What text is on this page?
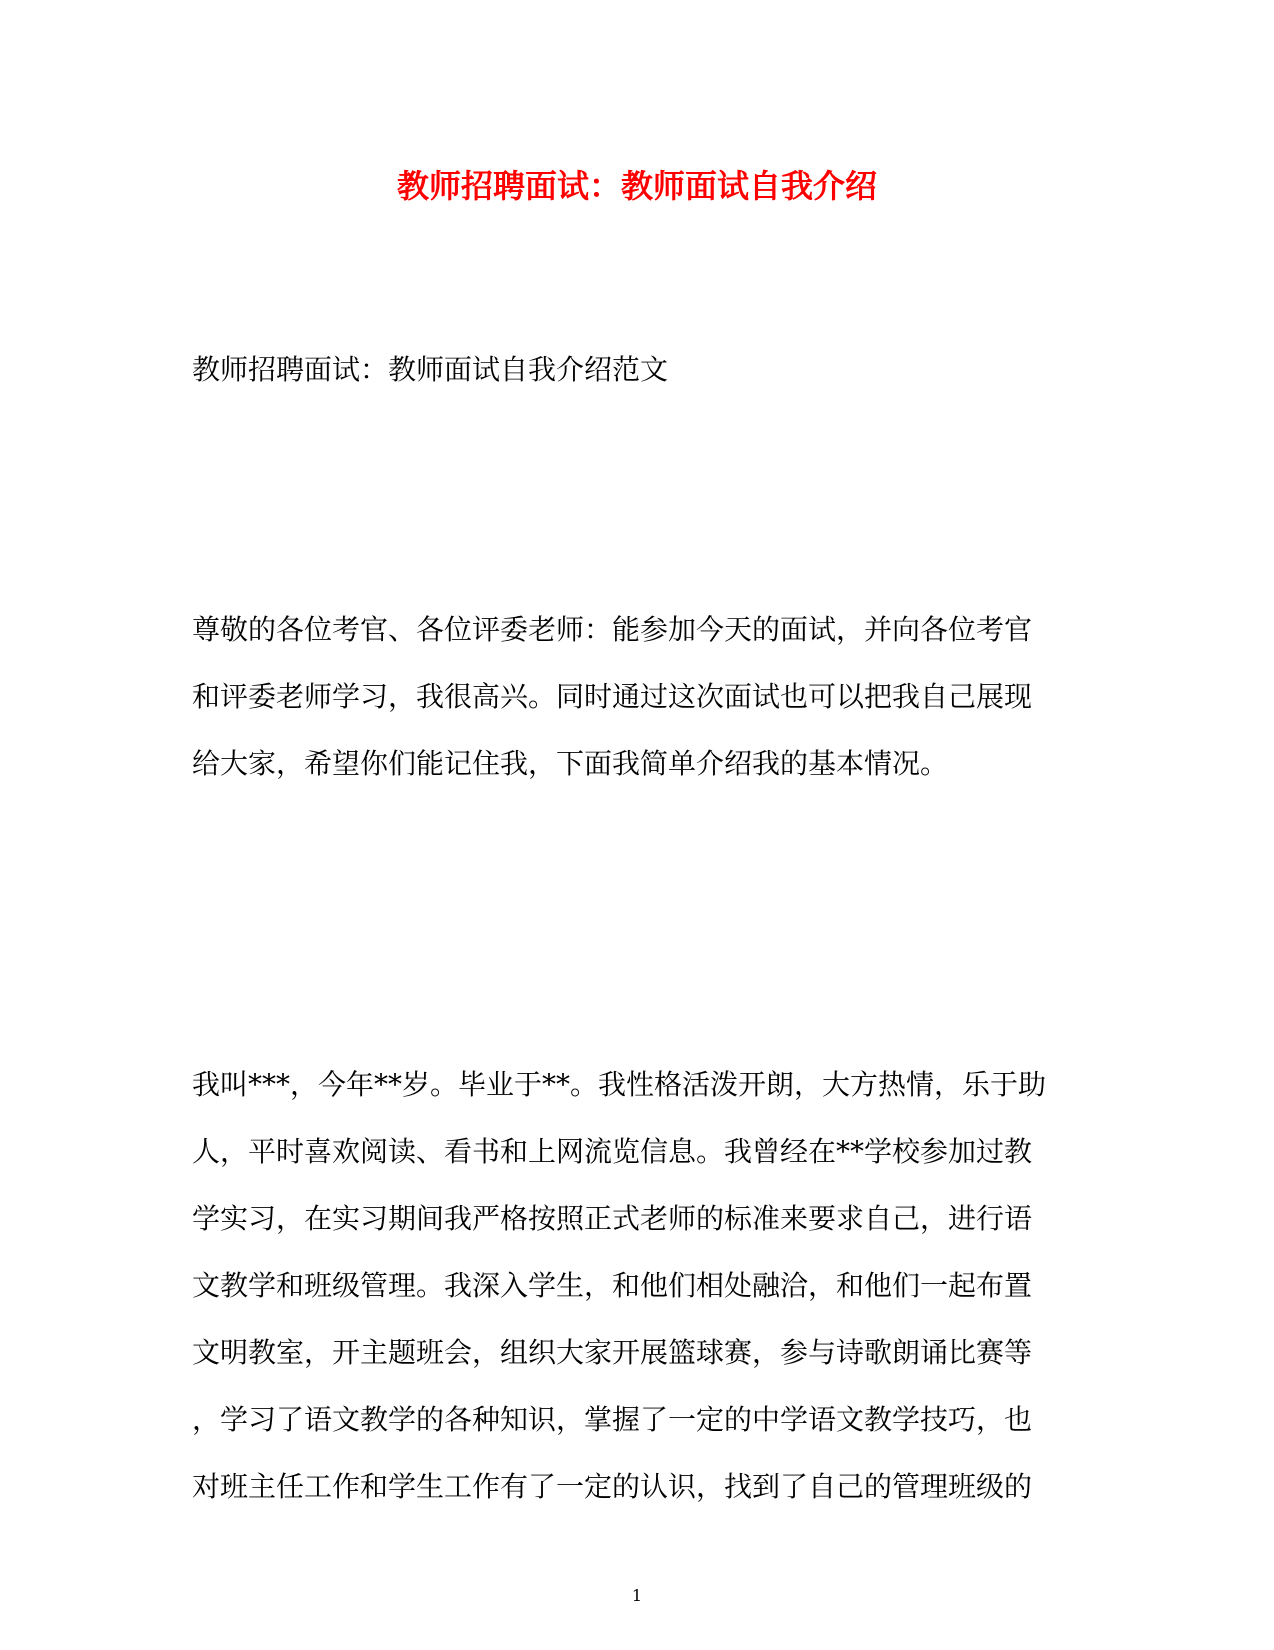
教师招聘面试：教师面试自我介绍
教师招聘面试：教师面试自我介绍范文
尊敬的各位考官、各位评委老师：能参加今天的面试，并向各位考官
和评委老师学习，我很高兴。同时通过这次面试也可以把我自己展现
给大家，希望你们能记住我，下面我简单介绍我的基本情况。
我叫***，今年**岁。毕业于**。我性格活泼开朗，大方热情，乐于助
人，平时喜欢阅读、看书和上网流览信息。我曾经在**学校参加过教
学实习，在实习期间我严格按照正式老师的标准来要求自己，进行语
文教学和班级管理。我深入学生，和他们相处融洽，和他们一起布置
文明教室，开主题班会，组织大家开展篮球赛，参与诗歌朗诵比赛等
，学习了语文教学的各种知识，掌握了一定的中学语文教学技巧，也
对班主任工作和学生工作有了一定的认识，找到了自己的管理班级的
1
